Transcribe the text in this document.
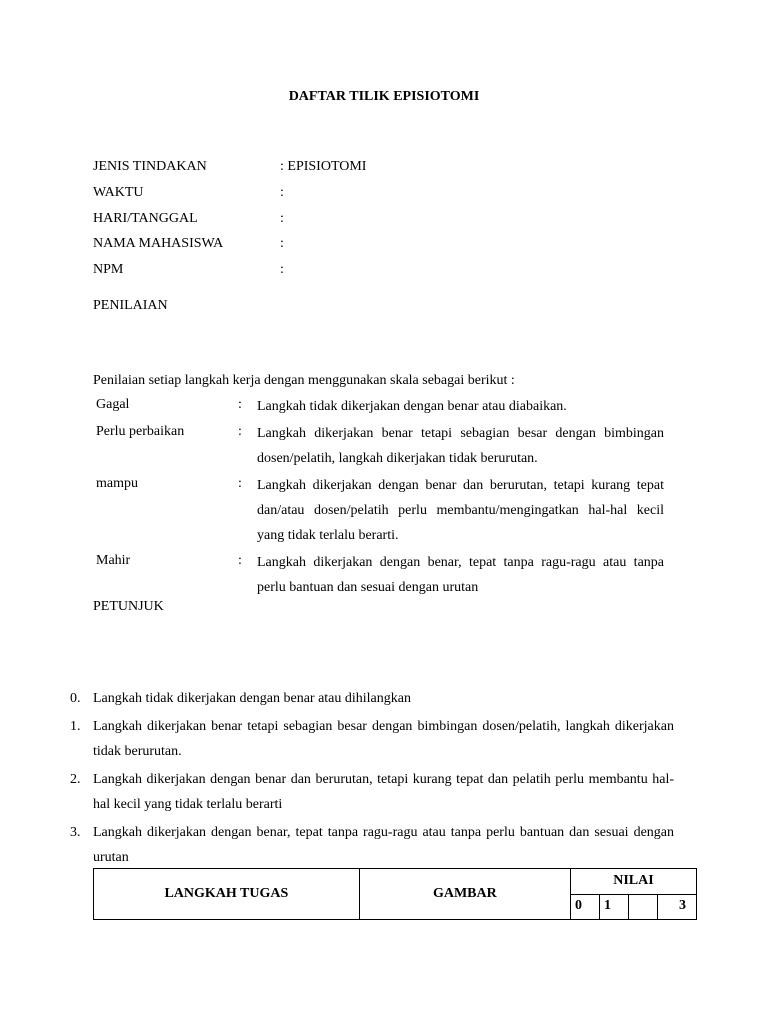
DAFTAR TILIK EPISIOTOMI
JENIS TINDAKAN	: EPISIOTOMI
WAKTU	:
HARI/TANGGAL	:
NAMA MAHASISWA	:
NPM	:
PENILAIAN
Penilaian setiap langkah kerja dengan menggunakan skala sebagai berikut :
Gagal	:	Langkah tidak dikerjakan dengan benar atau diabaikan.
Perlu perbaikan	:	Langkah dikerjakan benar tetapi sebagian besar dengan bimbingan dosen/pelatih, langkah dikerjakan tidak berurutan.
mampu	:	Langkah dikerjakan dengan benar dan berurutan, tetapi kurang tepat dan/atau dosen/pelatih perlu membantu/mengingatkan hal-hal kecil yang tidak terlalu berarti.
Mahir	:	Langkah dikerjakan dengan benar, tepat tanpa ragu-ragu atau tanpa perlu bantuan dan sesuai dengan urutan
PETUNJUK
0. Langkah tidak dikerjakan dengan benar atau dihilangkan
1. Langkah dikerjakan benar tetapi sebagian besar dengan bimbingan dosen/pelatih, langkah dikerjakan tidak berurutan.
2. Langkah dikerjakan dengan benar dan berurutan, tetapi kurang tepat dan pelatih perlu membantu hal-hal kecil yang tidak terlalu berarti
3. Langkah dikerjakan dengan benar, tepat tanpa ragu-ragu atau tanpa perlu bantuan dan sesuai dengan urutan
LANGKAH TUGAS	GAMBAR	NILAI			
		0	1		3
